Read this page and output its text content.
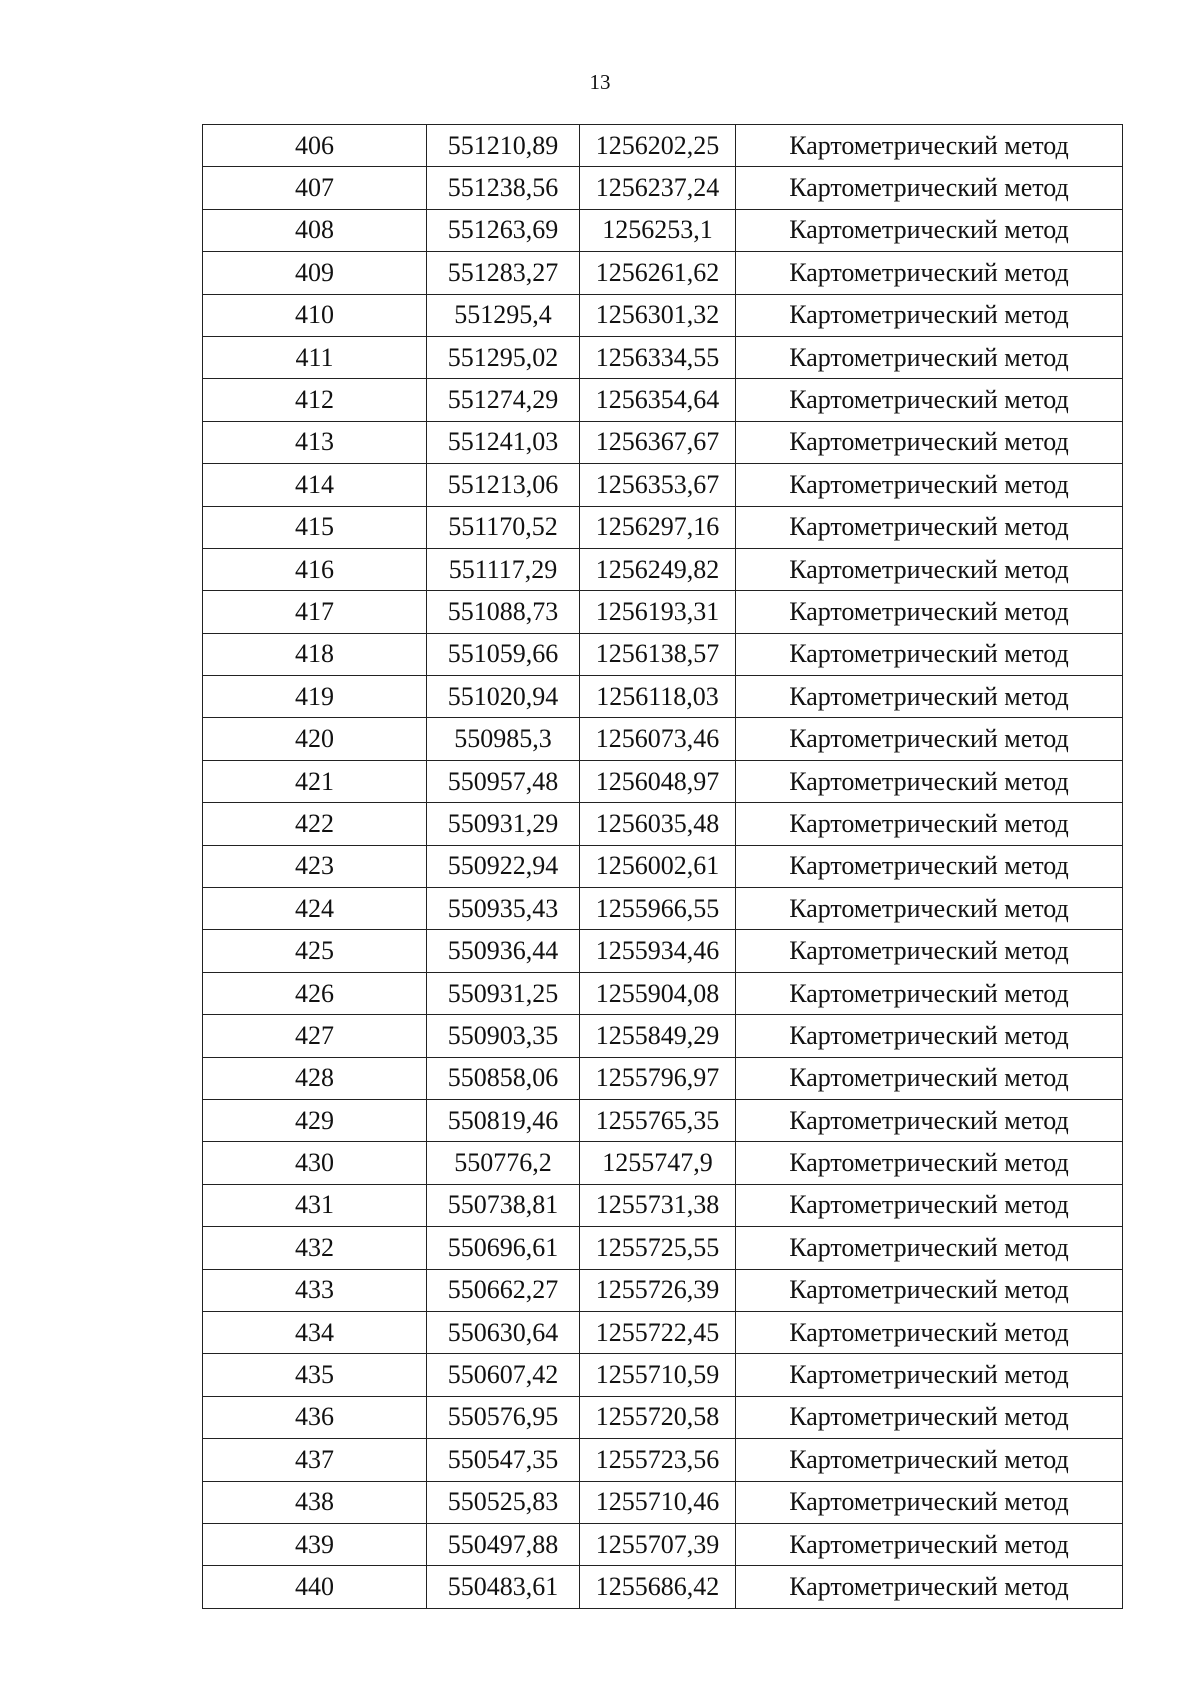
13
406	551210,89	1256202,25	Картометрический метод
407	551238,56	1256237,24	Картометрический метод
408	551263,69	1256253,1	Картометрический метод
409	551283,27	1256261,62	Картометрический метод
410	551295,4	1256301,32	Картометрический метод
411	551295,02	1256334,55	Картометрический метод
412	551274,29	1256354,64	Картометрический метод
413	551241,03	1256367,67	Картометрический метод
414	551213,06	1256353,67	Картометрический метод
415	551170,52	1256297,16	Картометрический метод
416	551117,29	1256249,82	Картометрический метод
417	551088,73	1256193,31	Картометрический метод
418	551059,66	1256138,57	Картометрический метод
419	551020,94	1256118,03	Картометрический метод
420	550985,3	1256073,46	Картометрический метод
421	550957,48	1256048,97	Картометрический метод
422	550931,29	1256035,48	Картометрический метод
423	550922,94	1256002,61	Картометрический метод
424	550935,43	1255966,55	Картометрический метод
425	550936,44	1255934,46	Картометрический метод
426	550931,25	1255904,08	Картометрический метод
427	550903,35	1255849,29	Картометрический метод
428	550858,06	1255796,97	Картометрический метод
429	550819,46	1255765,35	Картометрический метод
430	550776,2	1255747,9	Картометрический метод
431	550738,81	1255731,38	Картометрический метод
432	550696,61	1255725,55	Картометрический метод
433	550662,27	1255726,39	Картометрический метод
434	550630,64	1255722,45	Картометрический метод
435	550607,42	1255710,59	Картометрический метод
436	550576,95	1255720,58	Картометрический метод
437	550547,35	1255723,56	Картометрический метод
438	550525,83	1255710,46	Картометрический метод
439	550497,88	1255707,39	Картометрический метод
440	550483,61	1255686,42	Картометрический метод
